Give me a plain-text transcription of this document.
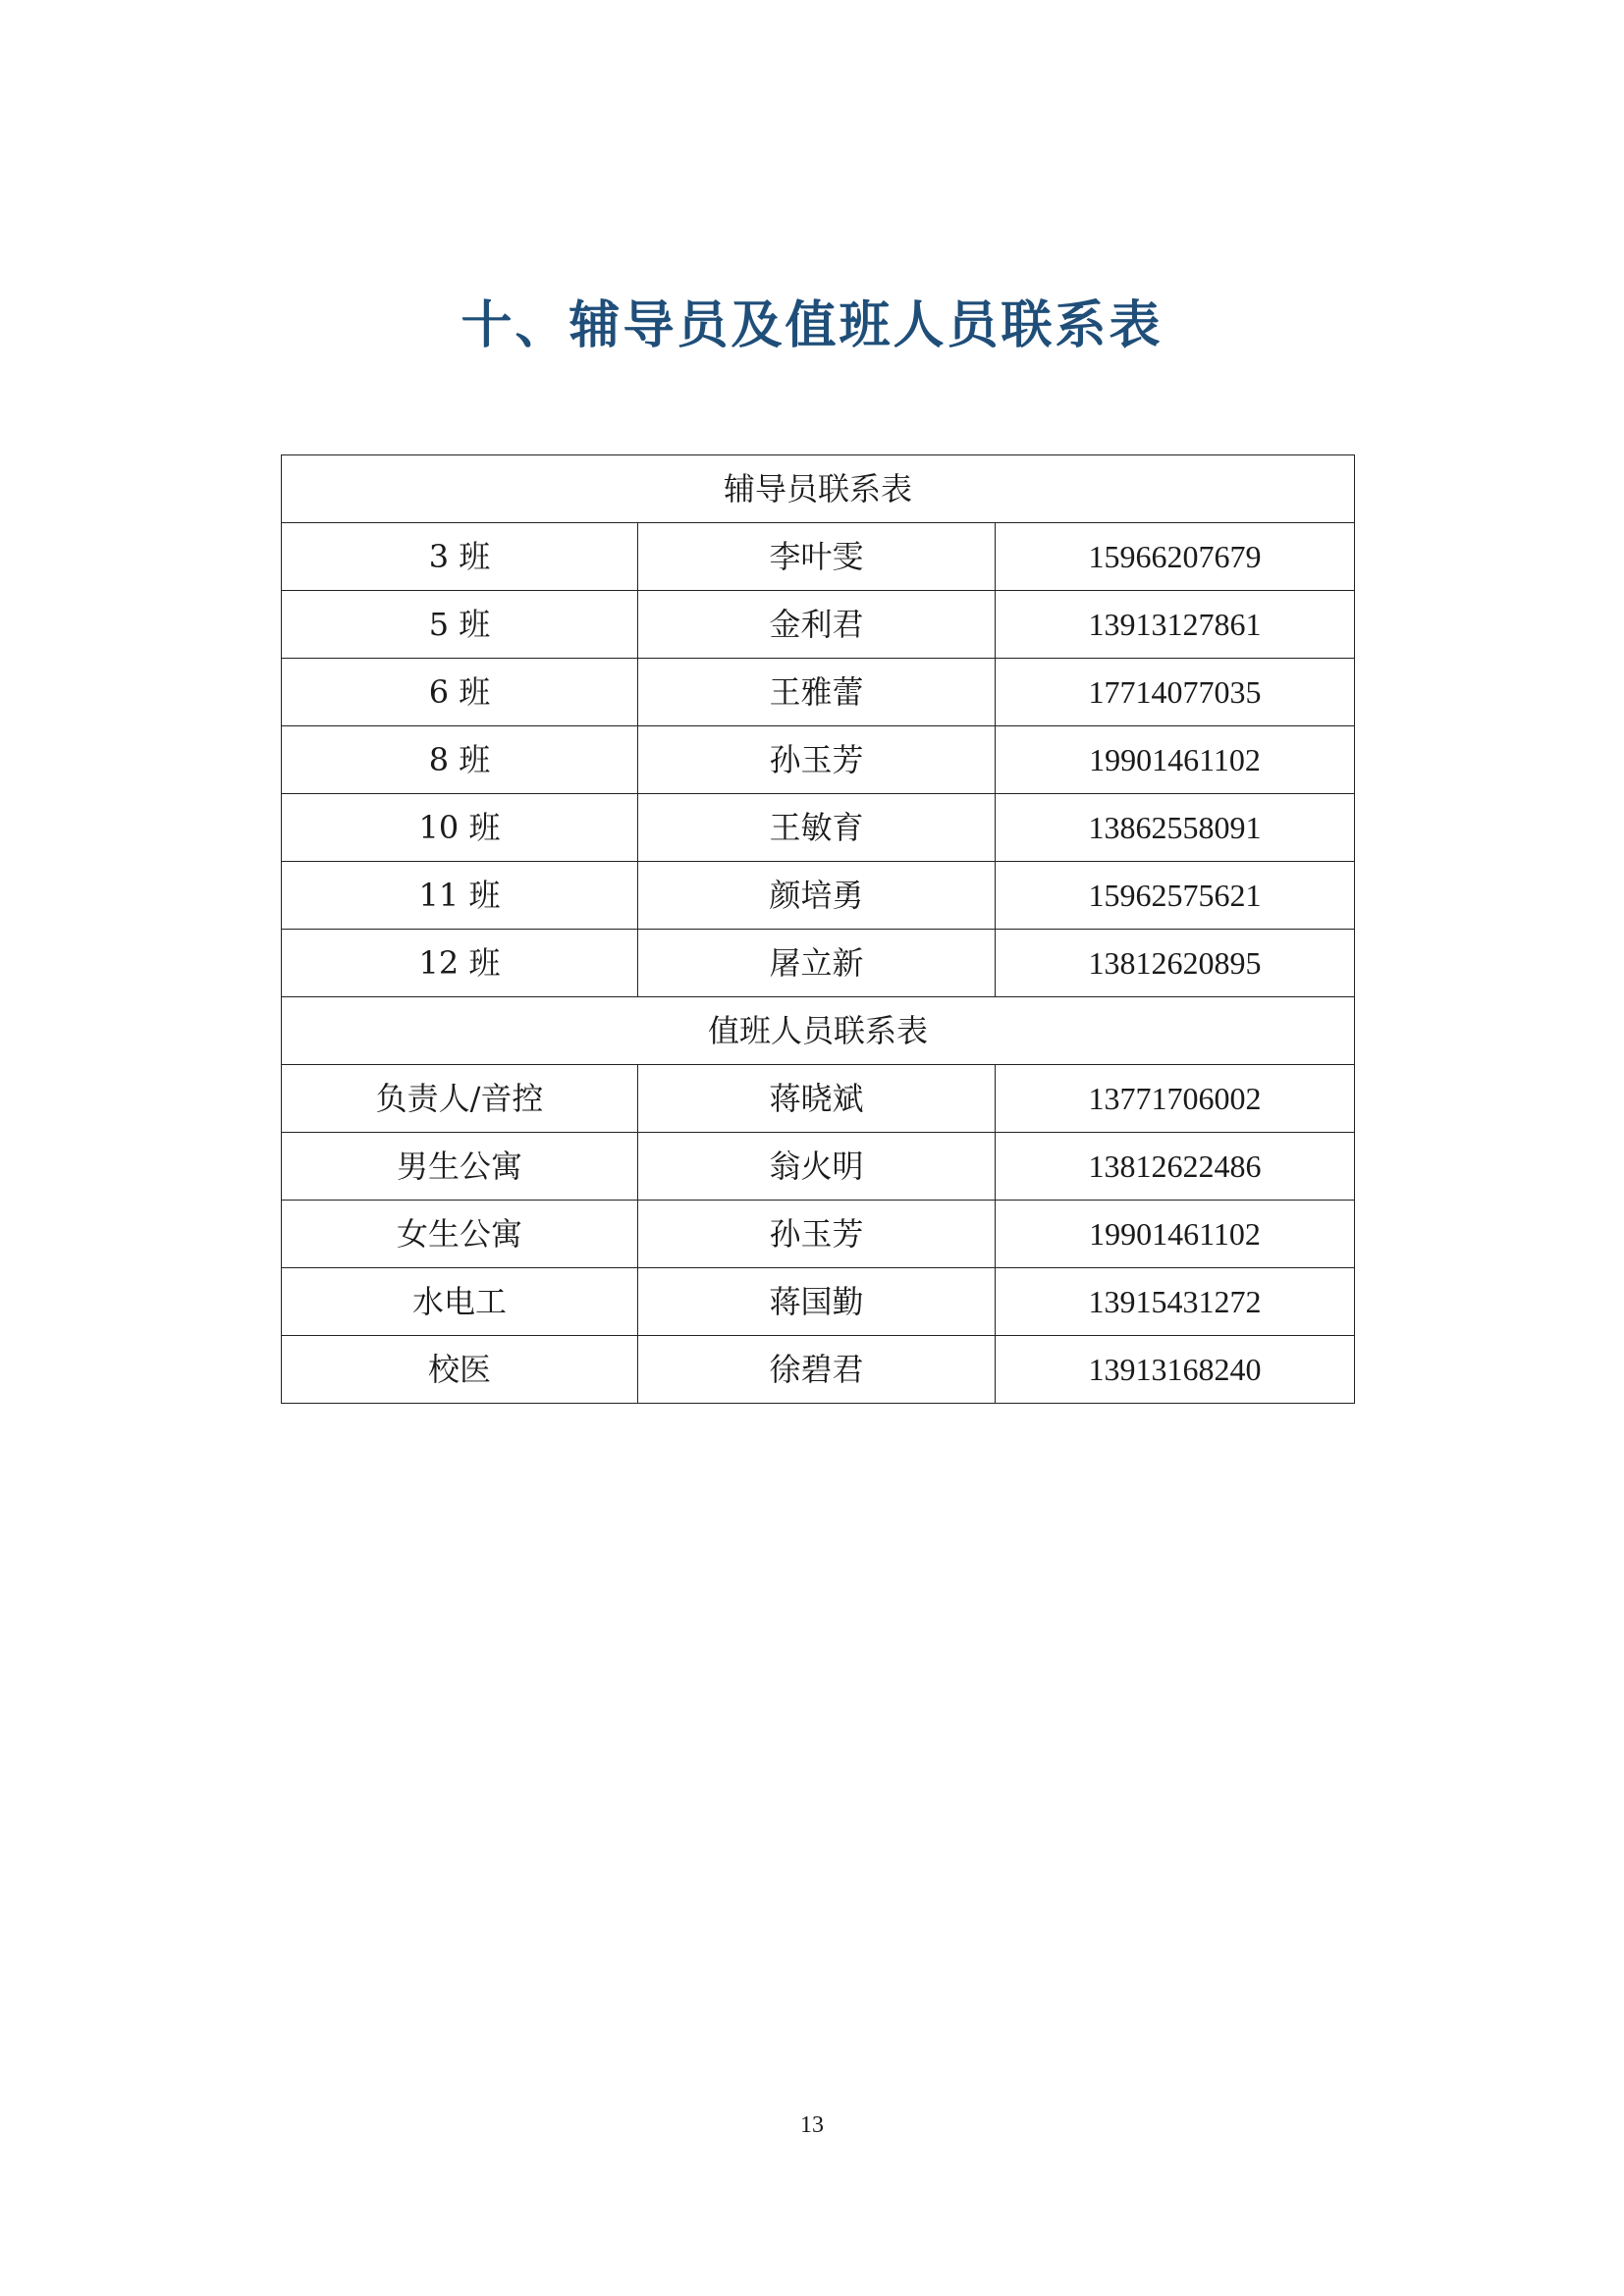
十、辅导员及值班人员联系表
辅导员联系表		
3 班	李叶雯	15966207679
5 班	金利君	13913127861
6 班	王雅蕾	17714077035
8 班	孙玉芳	19901461102
10 班	王敏育	13862558091
11 班	颜培勇	15962575621
12 班	屠立新	13812620895
值班人员联系表		
负责人/音控	蒋晓斌	13771706002
男生公寓	翁火明	13812622486
女生公寓	孙玉芳	19901461102
水电工	蒋国勤	13915431272
校医	徐碧君	13913168240
13
